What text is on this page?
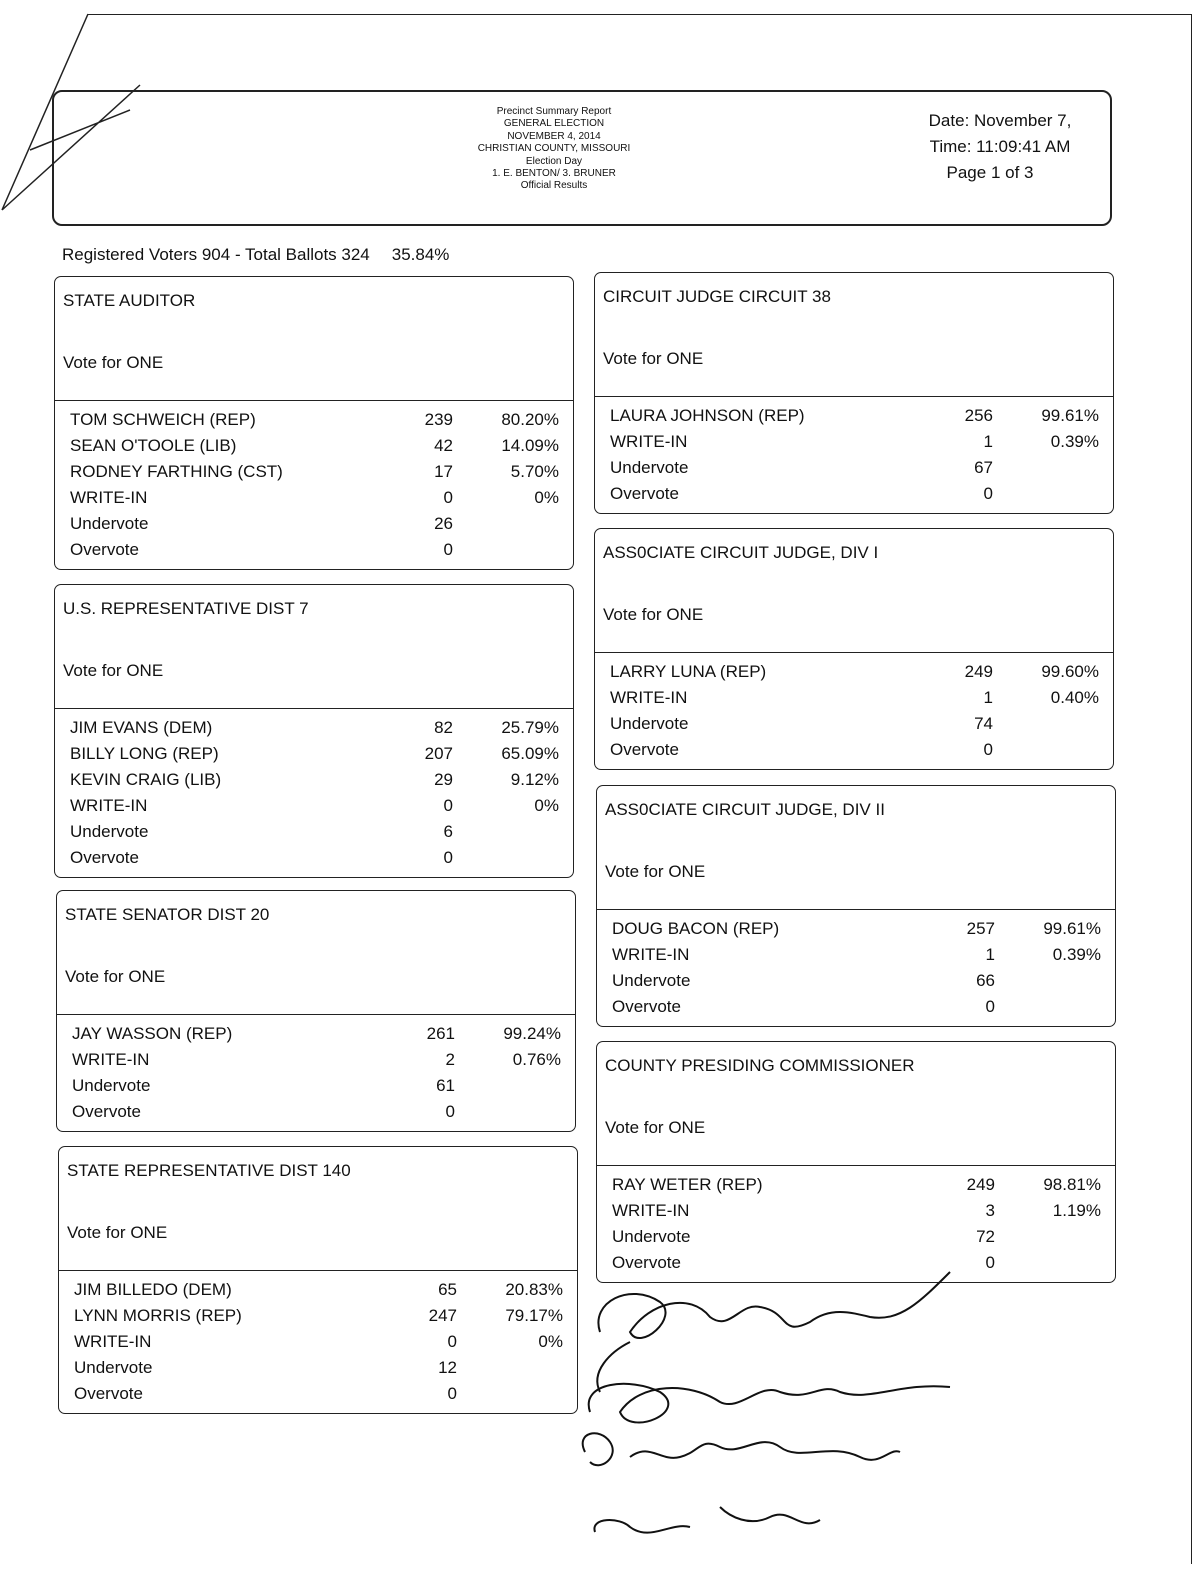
Precinct Summary Report
GENERAL ELECTION
NOVEMBER 4, 2014
CHRISTIAN COUNTY, MISSOURI
Election Day
1. E. BENTON/ 3. BRUNER
Official Results
Date: November 7,
Time: 11:09:41 AM
Page 1 of 3
Registered Voters 904 - Total Ballots 324 35.84%
STATE AUDITOR
Vote for ONE
TOM SCHWEICH (REP)	239	80.20%
SEAN O'TOOLE (LIB)	42	14.09%
RODNEY FARTHING (CST)	17	5.70%
WRITE-IN	0	0%
Undervote	26
Overvote	0
U.S. REPRESENTATIVE DIST 7
Vote for ONE
JIM EVANS (DEM)	82	25.79%
BILLY LONG (REP)	207	65.09%
KEVIN CRAIG (LIB)	29	9.12%
WRITE-IN	0	0%
Undervote	6
Overvote	0
STATE SENATOR DIST 20
Vote for ONE
JAY WASSON (REP)	261	99.24%
WRITE-IN	2	0.76%
Undervote	61
Overvote	0
STATE REPRESENTATIVE DIST 140
Vote for ONE
JIM BILLEDO (DEM)	65	20.83%
LYNN MORRIS (REP)	247	79.17%
WRITE-IN	0	0%
Undervote	12
Overvote	0
CIRCUIT JUDGE CIRCUIT 38
Vote for ONE
LAURA JOHNSON (REP)	256	99.61%
WRITE-IN	1	0.39%
Undervote	67
Overvote	0
ASS0CIATE CIRCUIT JUDGE, DIV I
Vote for ONE
LARRY LUNA (REP)	249	99.60%
WRITE-IN	1	0.40%
Undervote	74
Overvote	0
ASS0CIATE CIRCUIT JUDGE, DIV II
Vote for ONE
DOUG BACON (REP)	257	99.61%
WRITE-IN	1	0.39%
Undervote	66
Overvote	0
COUNTY PRESIDING COMMISSIONER
Vote for ONE
RAY WETER (REP)	249	98.81%
WRITE-IN	3	1.19%
Undervote	72
Overvote	0
